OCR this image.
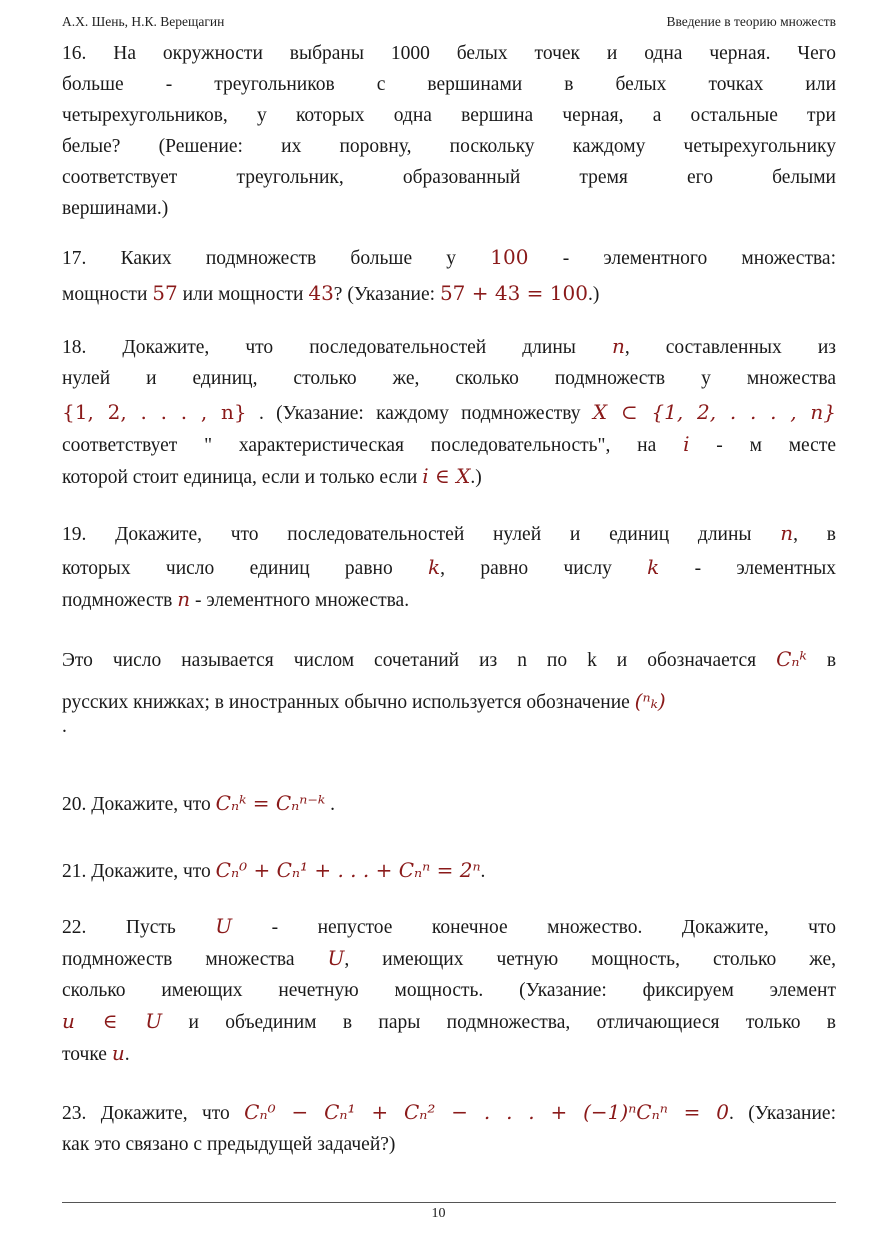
А.Х. Шень, Н.К. Верещагин	Введение в теорию множеств
16. На окружности выбраны 1000 белых точек и одна черная. Чего
больше - треугольников с вершинами в белых точках или
четырехугольников, у которых одна вершина черная, а остальные три
белые? (Решение: их поровну, поскольку каждому четырехугольнику
соответствует треугольник, образованный тремя его белыми
вершинами.)
17. Каких подмножеств больше у 100 - элементного множества:
мощности 57 или мощности 43? (Указание: 57 + 43 = 100.)
18. Докажите, что последовательностей длины n, составленных из
нулей и единиц, столько же, сколько подмножеств у множества
{1, 2, . . . , n} . (Указание: каждому подмножеству X ⊂ {1, 2, . . . , n}
соответствует " характеристическая последовательность", на i - м месте
которой стоит единица, если и только если i ∈ X.)
19. Докажите, что последовательностей нулей и единиц длины n, в
которых число единиц равно k, равно числу k - элементных
подмножеств n - элементного множества.
Это число называется числом сочетаний из n по k и обозначается Cₙᵏ в
русских книжках; в иностранных обычно используется обозначение (ⁿₖ)
.
20. Докажите, что Cₙᵏ = Cₙⁿ⁻ᵏ .
21. Докажите, что Cₙ⁰ + Cₙ¹ + . . . + Cₙⁿ = 2ⁿ.
22. Пусть U - непустое конечное множество. Докажите, что
подмножеств множества U, имеющих четную мощность, столько же,
сколько имеющих нечетную мощность. (Указание: фиксируем элемент
u ∈ U и объединим в пары подмножества, отличающиеся только в
точке u.
23. Докажите, что Cₙ⁰ − Cₙ¹ + Cₙ² − . . . + (−1)ⁿCₙⁿ = 0. (Указание:
как это связано с предыдущей задачей?)
10
